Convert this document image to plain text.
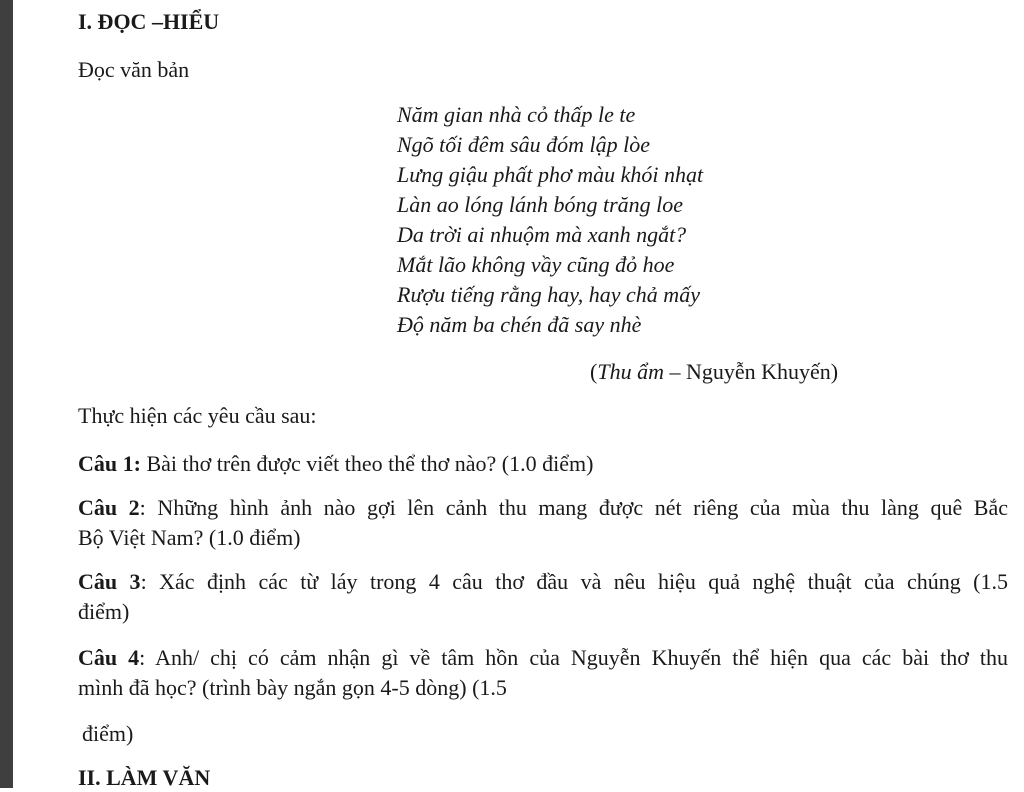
I. ĐỌC –HIỂU
Đọc văn bản
Năm gian nhà cỏ thấp le te
Ngõ tối đêm sâu đóm lập lòe
Lưng giậu phất phơ màu khói nhạt
Làn ao lóng lánh bóng trăng loe
Da trời ai nhuộm mà xanh ngắt?
Mắt lão không vầy cũng đỏ hoe
Rượu tiếng rằng hay, hay chả mấy
Độ năm ba chén đã say nhè
(Thu ẩm – Nguyễn Khuyến)
Thực hiện các yêu cầu sau:
Câu 1: Bài thơ trên được viết theo thể thơ nào? (1.0 điểm)
Câu 2: Những hình ảnh nào gợi lên cảnh thu mang được nét riêng của mùa thu làng quê Bắc
Bộ Việt Nam? (1.0 điểm)
Câu 3: Xác định các từ láy trong 4 câu thơ đầu và nêu hiệu quả nghệ thuật của chúng (1.5
điểm)
Câu 4: Anh/ chị có cảm nhận gì về tâm hồn của Nguyễn Khuyến thể hiện qua các bài thơ thu
mình đã học? (trình bày ngắn gọn 4-5 dòng) (1.5
điểm)
II. LÀM VĂN
